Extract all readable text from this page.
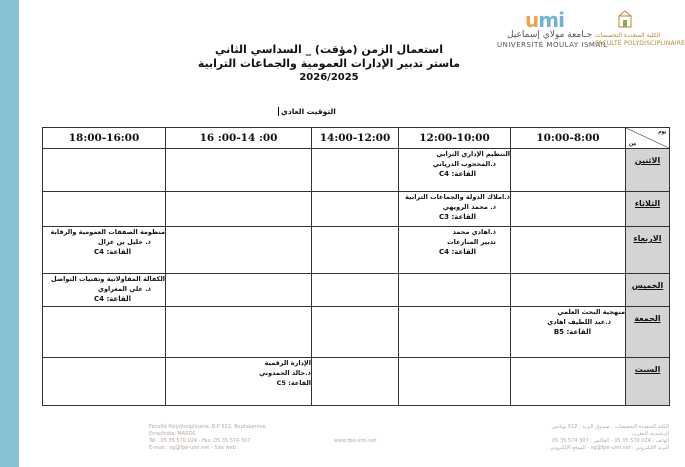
umi
جـامعة مولاي إسماعيل
UNIVERSITÉ MOULAY ISMAIL
الكلية المتعددة التخصصات
FACULTÉ POLYDISCIPLINAIRE
استعمال الزمن (مؤقت) _ السداسي الثاني
ماستر تدبير الإدارات العمومية والجماعات الترابية
2026/2025
التوقيت العادي
يوم
من	10:00-8:00	12:00-10:00	14:00-12:00	16 :00-14 :00	18:00-16:00

الاثنين		التنظيم الإداري الترابي
ذ.المحجوب الدرياني
القاعة: C4			

الثلاثاء		ذ.املاك الدولة والجماعات الترابية
ذ. محمد الرويهي
القاعة: C3			

الاربعاء		ذ.اهادي محمد
تدبير المنازعات
القاعة: C4			منظومة الصفقات العمومية والرقابة
ذ. خليل بن عزال
القاعة: C4

الخميس					الكفالة المقاولاتية وتقنيات التواصل
ذ. علي المغراوي
القاعة: C4

الجمعة	منهجية البحث العلمي
ذ.عبد اللطيف اهادي
القاعة: B5				

السبت				الإدارة الرقمية
ذ.خالد الحمدوني
القاعة: C5	

Faculté Polydisciplinaire, B.P 512, Boutalamine
Errachidia, MAROC
Tél : 05 35 570 024 - Fax :05 35 574 307
E-mail : sg@fpe-umi.net - Site web :
www.fpe-umi.net
الكلية المتعددة التخصصات ، صندوق البريد : 512 بوتامين
الرشيدية، المغرب
الهاتف : 024 570 35 05 - الفاكس : 307 574 35 05
البريد الإلكتروني : sg@fpe-umi.net - الموقع الإلكتروني :
